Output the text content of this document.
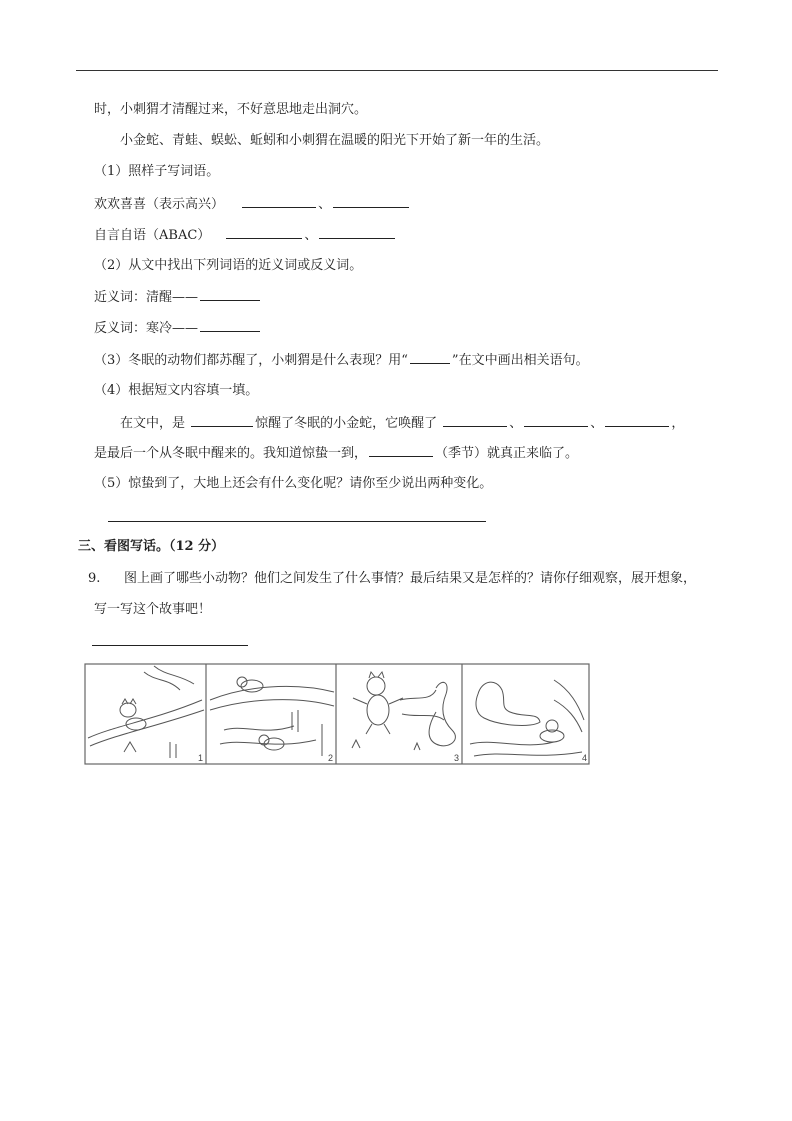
时，小刺猬才清醒过来，不好意思地走出洞穴。
小金蛇、青蛙、蜈蚣、蚯蚓和小刺猬在温暖的阳光下开始了新一年的生活。
（1）照样子写词语。
欢欢喜喜（表示高兴）	、
自言自语（ABAC）	、
（2）从文中找出下列词语的近义词或反义词。
近义词：清醒——
反义词：寒冷——
（3）冬眠的动物们都苏醒了，小刺猬是什么表现？用“	”在文中画出相关语句。
（4）根据短文内容填一填。
在文中，是	惊醒了冬眠的小金蛇，它唤醒了	、	、	，
是最后一个从冬眠中醒来的。我知道惊蛰一到，	（季节）就真正来临了。
（5）惊蛰到了，大地上还会有什么变化呢？请你至少说出两种变化。
三、看图写话。（12 分）
9. 图上画了哪些小动物？他们之间发生了什么事情？最后结果又是怎样的？请你仔细观察，展开想象，
写一写这个故事吧！
1	2	3	4
